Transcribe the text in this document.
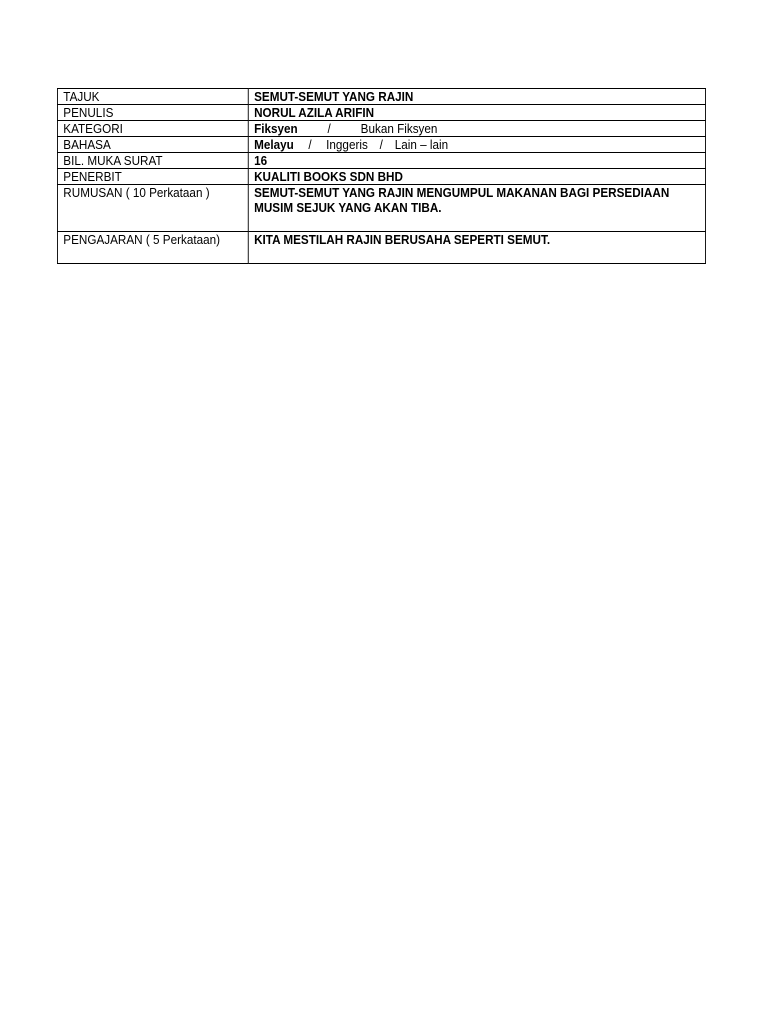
TAJUK	SEMUT-SEMUT YANG RAJIN
PENULIS	NORUL AZILA ARIFIN
KATEGORI	Fiksyen / Bukan Fiksyen
BAHASA	Melayu / Inggeris / Lain – lain
BIL. MUKA SURAT	16
PENERBIT	KUALITI BOOKS SDN BHD
RUMUSAN ( 10 Perkataan )	SEMUT-SEMUT YANG RAJIN MENGUMPUL MAKANAN BAGI PERSEDIAAN MUSIM SEJUK YANG AKAN TIBA.
PENGAJARAN ( 5 Perkataan)	KITA MESTILAH RAJIN BERUSAHA SEPERTI SEMUT.
